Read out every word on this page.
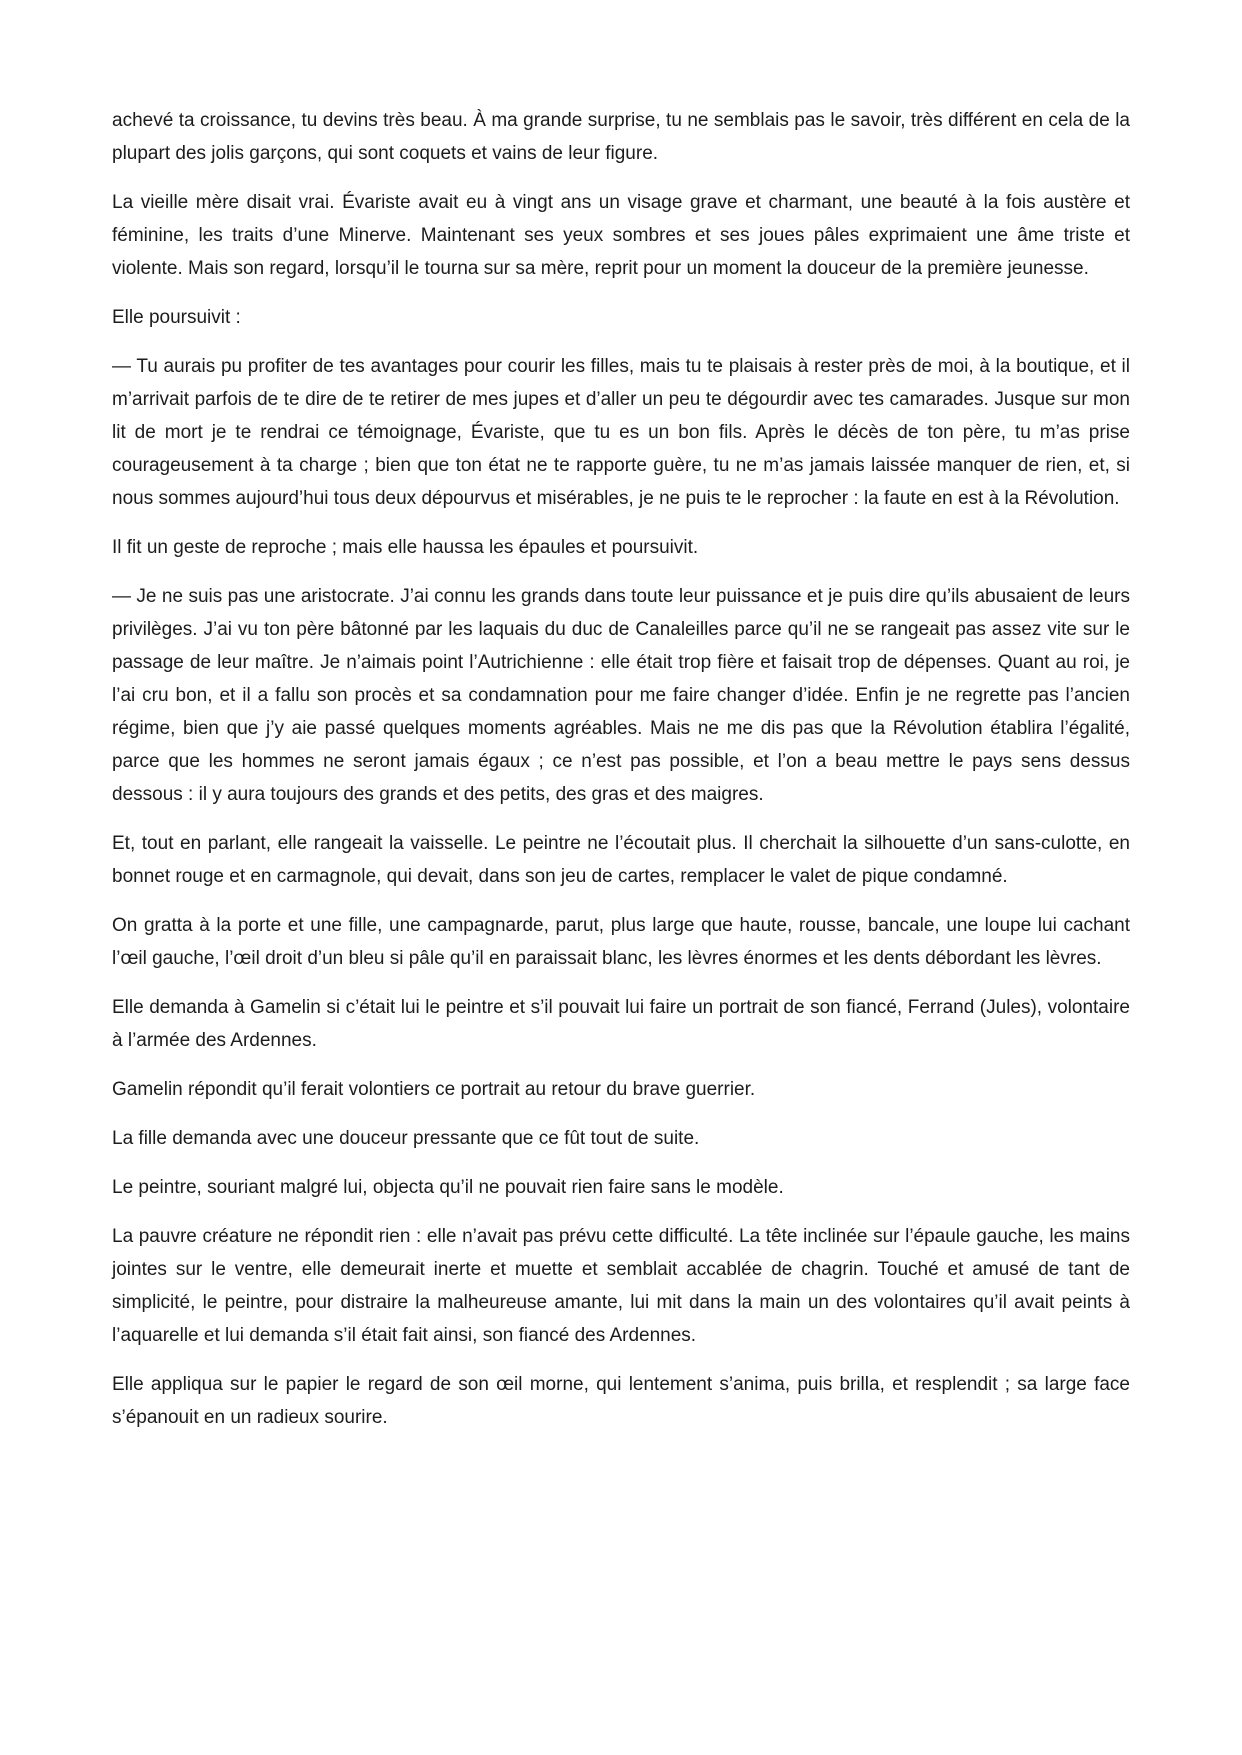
achevé ta croissance, tu devins très beau. À ma grande surprise, tu ne semblais pas le savoir, très différent en cela de la plupart des jolis garçons, qui sont coquets et vains de leur figure.

La vieille mère disait vrai. Évariste avait eu à vingt ans un visage grave et charmant, une beauté à la fois austère et féminine, les traits d’une Minerve. Maintenant ses yeux sombres et ses joues pâles exprimaient une âme triste et violente. Mais son regard, lorsqu’il le tourna sur sa mère, reprit pour un moment la douceur de la première jeunesse.

Elle poursuivit :

— Tu aurais pu profiter de tes avantages pour courir les filles, mais tu te plaisais à rester près de moi, à la boutique, et il m’arrivait parfois de te dire de te retirer de mes jupes et d’aller un peu te dégourdir avec tes camarades. Jusque sur mon lit de mort je te rendrai ce témoignage, Évariste, que tu es un bon fils. Après le décès de ton père, tu m’as prise courageusement à ta charge ; bien que ton état ne te rapporte guère, tu ne m’as jamais laissée manquer de rien, et, si nous sommes aujourd’hui tous deux dépourvus et misérables, je ne puis te le reprocher : la faute en est à la Révolution.

Il fit un geste de reproche ; mais elle haussa les épaules et poursuivit.

— Je ne suis pas une aristocrate. J’ai connu les grands dans toute leur puissance et je puis dire qu’ils abusaient de leurs privilèges. J’ai vu ton père bâtonné par les laquais du duc de Canaleilles parce qu’il ne se rangeait pas assez vite sur le passage de leur maître. Je n’aimais point l’Autrichienne : elle était trop fière et faisait trop de dépenses. Quant au roi, je l’ai cru bon, et il a fallu son procès et sa condamnation pour me faire changer d’idée. Enfin je ne regrette pas l’ancien régime, bien que j’y aie passé quelques moments agréables. Mais ne me dis pas que la Révolution établira l’égalité, parce que les hommes ne seront jamais égaux ; ce n’est pas possible, et l’on a beau mettre le pays sens dessus dessous : il y aura toujours des grands et des petits, des gras et des maigres.

Et, tout en parlant, elle rangeait la vaisselle. Le peintre ne l’écoutait plus. Il cherchait la silhouette d’un sans-culotte, en bonnet rouge et en carmagnole, qui devait, dans son jeu de cartes, remplacer le valet de pique condamné.

On gratta à la porte et une fille, une campagnarde, parut, plus large que haute, rousse, bancale, une loupe lui cachant l’œil gauche, l’œil droit d’un bleu si pâle qu’il en paraissait blanc, les lèvres énormes et les dents débordant les lèvres.

Elle demanda à Gamelin si c’était lui le peintre et s’il pouvait lui faire un portrait de son fiancé, Ferrand (Jules), volontaire à l’armée des Ardennes.

Gamelin répondit qu’il ferait volontiers ce portrait au retour du brave guerrier.

La fille demanda avec une douceur pressante que ce fût tout de suite.

Le peintre, souriant malgré lui, objecta qu’il ne pouvait rien faire sans le modèle.

La pauvre créature ne répondit rien : elle n’avait pas prévu cette difficulté. La tête inclinée sur l’épaule gauche, les mains jointes sur le ventre, elle demeurait inerte et muette et semblait accablée de chagrin. Touché et amusé de tant de simplicité, le peintre, pour distraire la malheureuse amante, lui mit dans la main un des volontaires qu’il avait peints à l’aquarelle et lui demanda s’il était fait ainsi, son fiancé des Ardennes.

Elle appliqua sur le papier le regard de son œil morne, qui lentement s’anima, puis brilla, et resplendit ; sa large face s’épanouit en un radieux sourire.
